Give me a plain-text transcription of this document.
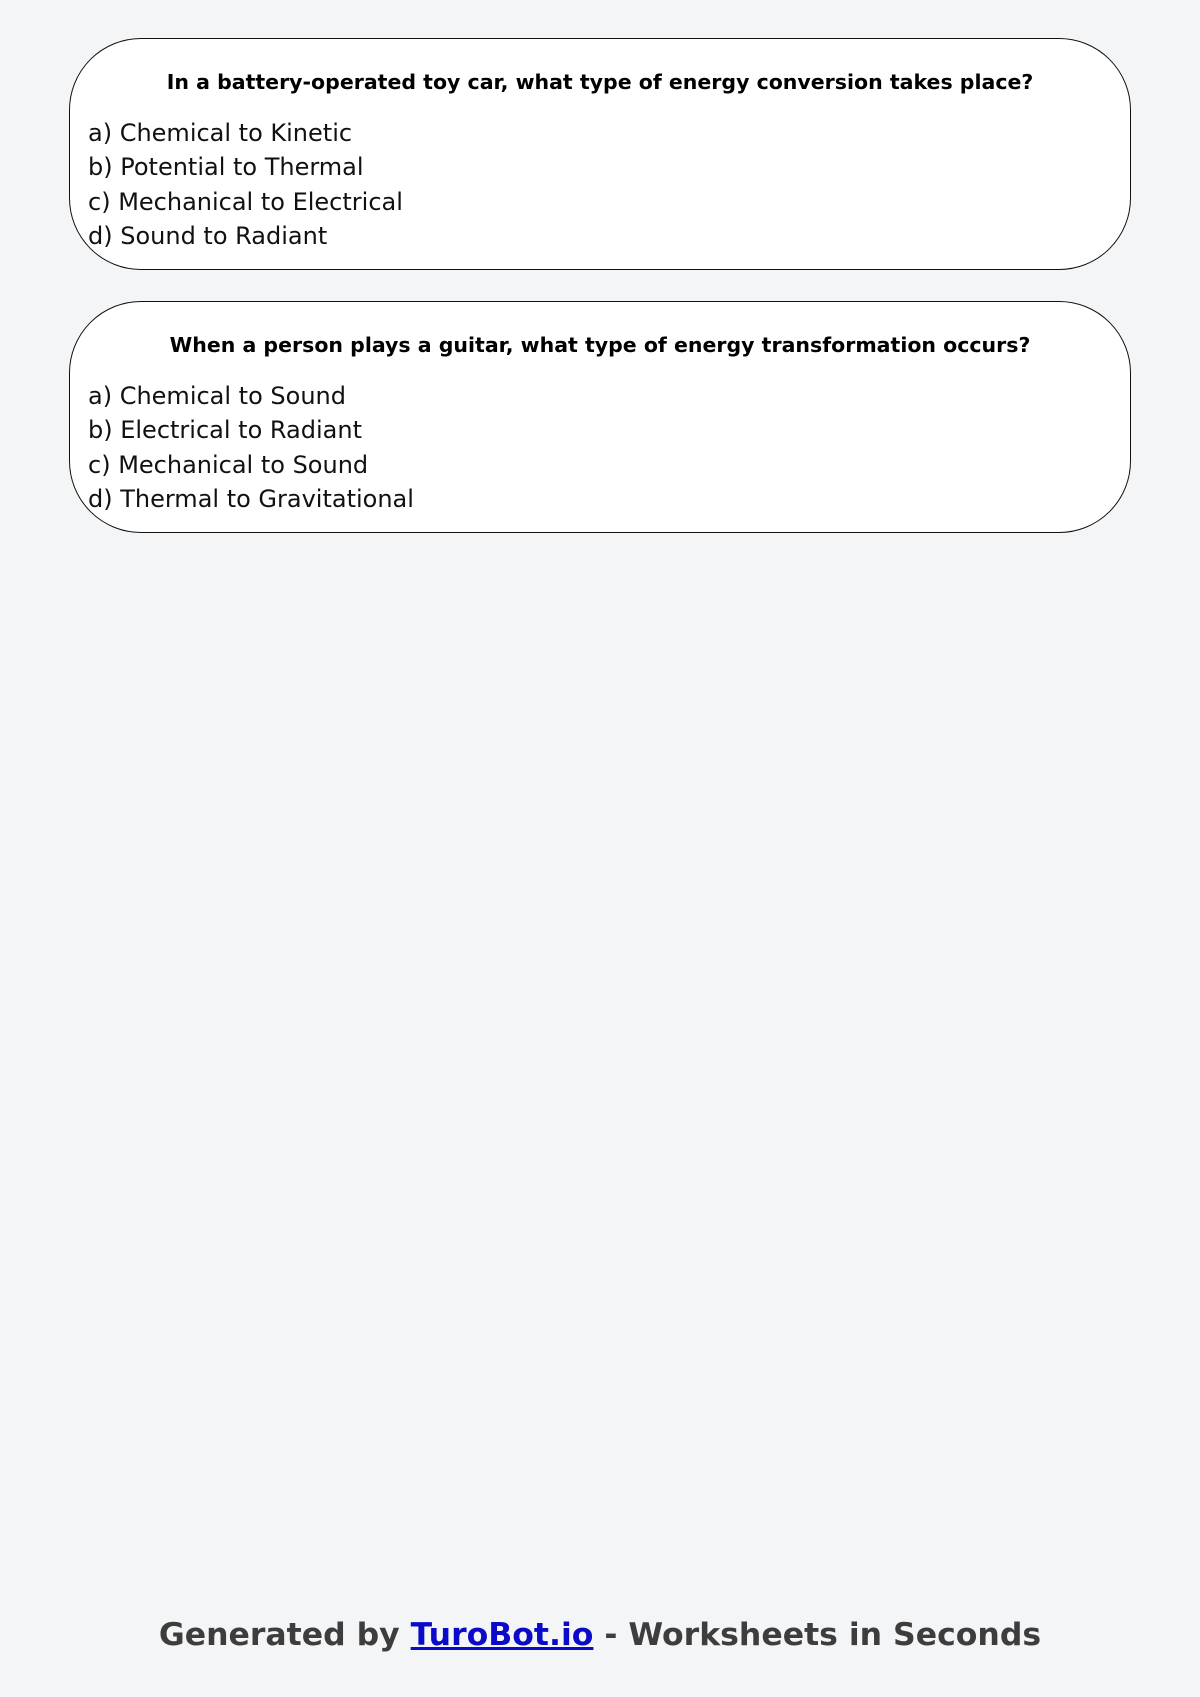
In a battery-operated toy car, what type of energy conversion takes place?

a) Chemical to Kinetic
b) Potential to Thermal
c) Mechanical to Electrical
d) Sound to Radiant

When a person plays a guitar, what type of energy transformation occurs?

a) Chemical to Sound
b) Electrical to Radiant
c) Mechanical to Sound
d) Thermal to Gravitational
Generated by TuroBot.io - Worksheets in Seconds
